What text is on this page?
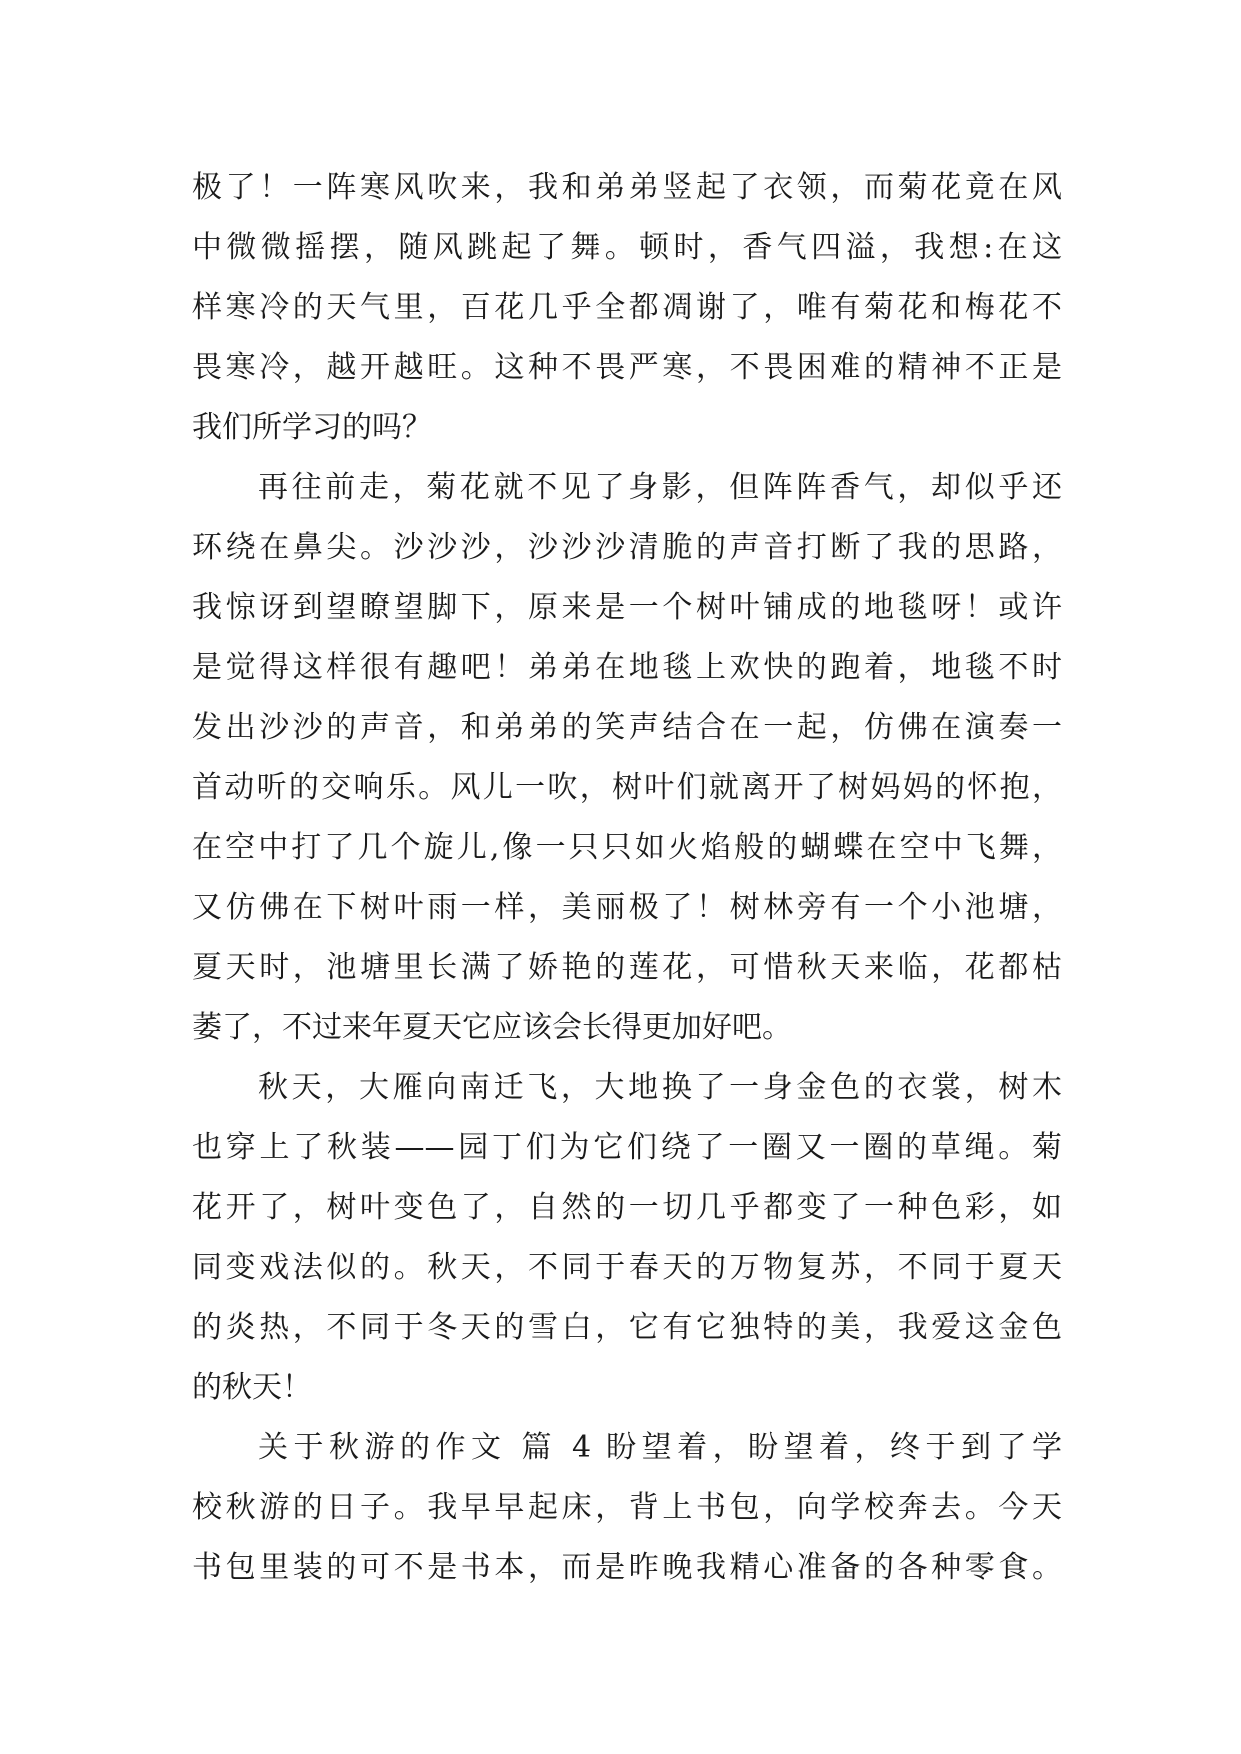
极了！一阵寒风吹来，我和弟弟竖起了衣领，而菊花竟在风
中微微摇摆，随风跳起了舞。顿时，香气四溢，我想:在这
样寒冷的天气里，百花几乎全都凋谢了，唯有菊花和梅花不
畏寒冷，越开越旺。这种不畏严寒，不畏困难的精神不正是
我们所学习的吗？
再往前走，菊花就不见了身影，但阵阵香气，却似乎还
环绕在鼻尖。沙沙沙，沙沙沙清脆的声音打断了我的思路，
我惊讶到望瞭望脚下，原来是一个树叶铺成的地毯呀！或许
是觉得这样很有趣吧！弟弟在地毯上欢快的跑着，地毯不时
发出沙沙的声音，和弟弟的笑声结合在一起，仿佛在演奏一
首动听的交响乐。风儿一吹，树叶们就离开了树妈妈的怀抱，
在空中打了几个旋儿,像一只只如火焰般的蝴蝶在空中飞舞，
又仿佛在下树叶雨一样，美丽极了！树林旁有一个小池塘，
夏天时，池塘里长满了娇艳的莲花，可惜秋天来临，花都枯
萎了，不过来年夏天它应该会长得更加好吧。
秋天，大雁向南迁飞，大地换了一身金色的衣裳，树木
也穿上了秋装——园丁们为它们绕了一圈又一圈的草绳。菊
花开了，树叶变色了，自然的一切几乎都变了一种色彩，如
同变戏法似的。秋天，不同于春天的万物复苏，不同于夏天
的炎热，不同于冬天的雪白，它有它独特的美，我爱这金色
的秋天！
关于秋游的作文 篇 4 盼望着，盼望着，终于到了学
校秋游的日子。我早早起床，背上书包，向学校奔去。今天
书包里装的可不是书本，而是昨晚我精心准备的各种零食。
